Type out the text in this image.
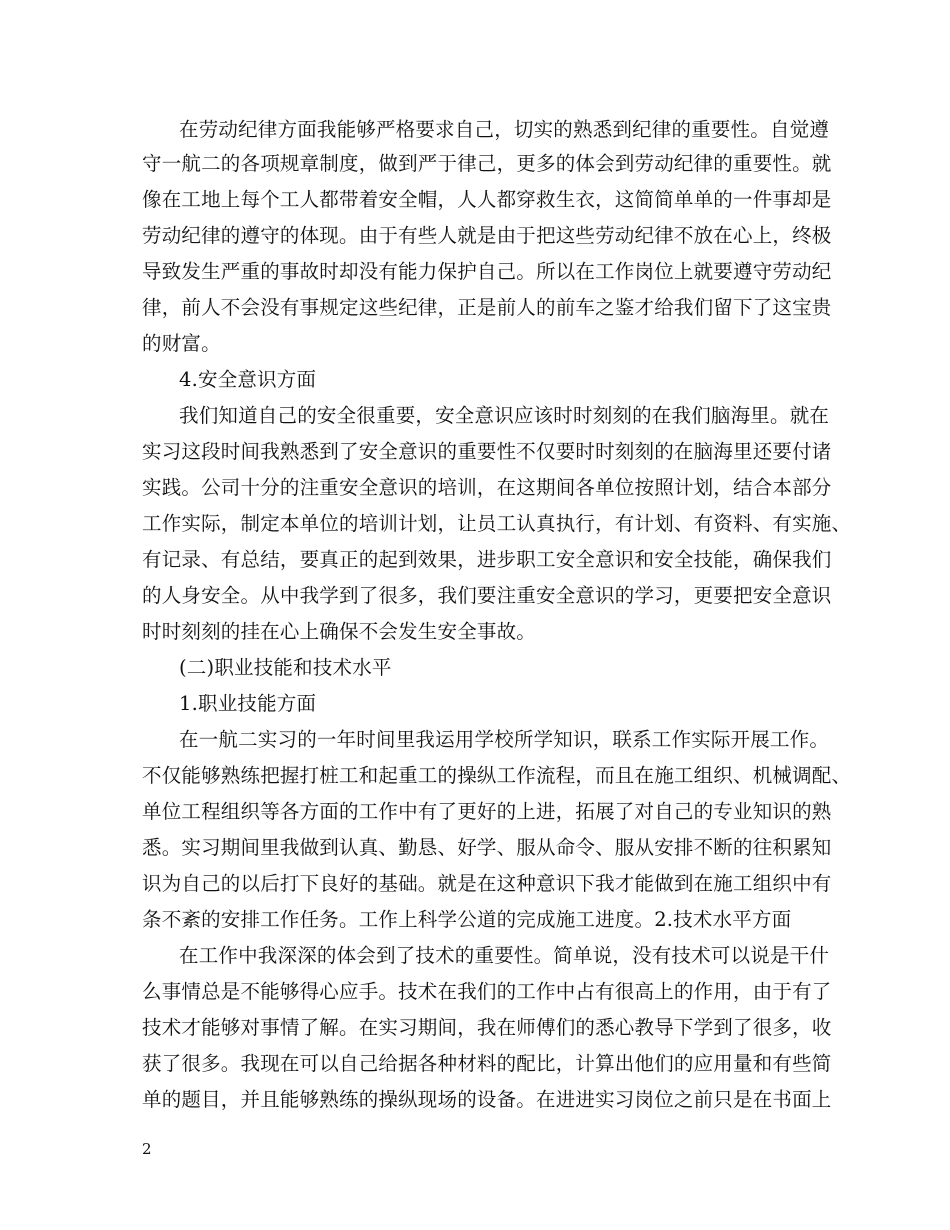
在劳动纪律方面我能够严格要求自己，切实的熟悉到纪律的重要性。自觉遵
守一航二的各项规章制度，做到严于律己，更多的体会到劳动纪律的重要性。就
像在工地上每个工人都带着安全帽，人人都穿救生衣，这简简单单的一件事却是
劳动纪律的遵守的体现。由于有些人就是由于把这些劳动纪律不放在心上，终极
导致发生严重的事故时却没有能力保护自己。所以在工作岗位上就要遵守劳动纪
律，前人不会没有事规定这些纪律，正是前人的前车之鉴才给我们留下了这宝贵
的财富。
4.安全意识方面
我们知道自己的安全很重要，安全意识应该时时刻刻的在我们脑海里。就在
实习这段时间我熟悉到了安全意识的重要性不仅要时时刻刻的在脑海里还要付诸
实践。公司十分的注重安全意识的培训，在这期间各单位按照计划，结合本部分
工作实际，制定本单位的培训计划，让员工认真执行，有计划、有资料、有实施、
有记录、有总结，要真正的起到效果，进步职工安全意识和安全技能，确保我们
的人身安全。从中我学到了很多，我们要注重安全意识的学习，更要把安全意识
时时刻刻的挂在心上确保不会发生安全事故。
(二)职业技能和技术水平
1.职业技能方面
在一航二实习的一年时间里我运用学校所学知识，联系工作实际开展工作。
不仅能够熟练把握打桩工和起重工的操纵工作流程，而且在施工组织、机械调配、
单位工程组织等各方面的工作中有了更好的上进，拓展了对自己的专业知识的熟
悉。实习期间里我做到认真、勤恳、好学、服从命令、服从安排不断的往积累知
识为自己的以后打下良好的基础。就是在这种意识下我才能做到在施工组织中有
条不紊的安排工作任务。工作上科学公道的完成施工进度。2.技术水平方面
在工作中我深深的体会到了技术的重要性。简单说，没有技术可以说是干什
么事情总是不能够得心应手。技术在我们的工作中占有很高上的作用，由于有了
技术才能够对事情了解。在实习期间，我在师傅们的悉心教导下学到了很多，收
获了很多。我现在可以自己给据各种材料的配比，计算出他们的应用量和有些简
单的题目，并且能够熟练的操纵现场的设备。在进进实习岗位之前只是在书面上
2
